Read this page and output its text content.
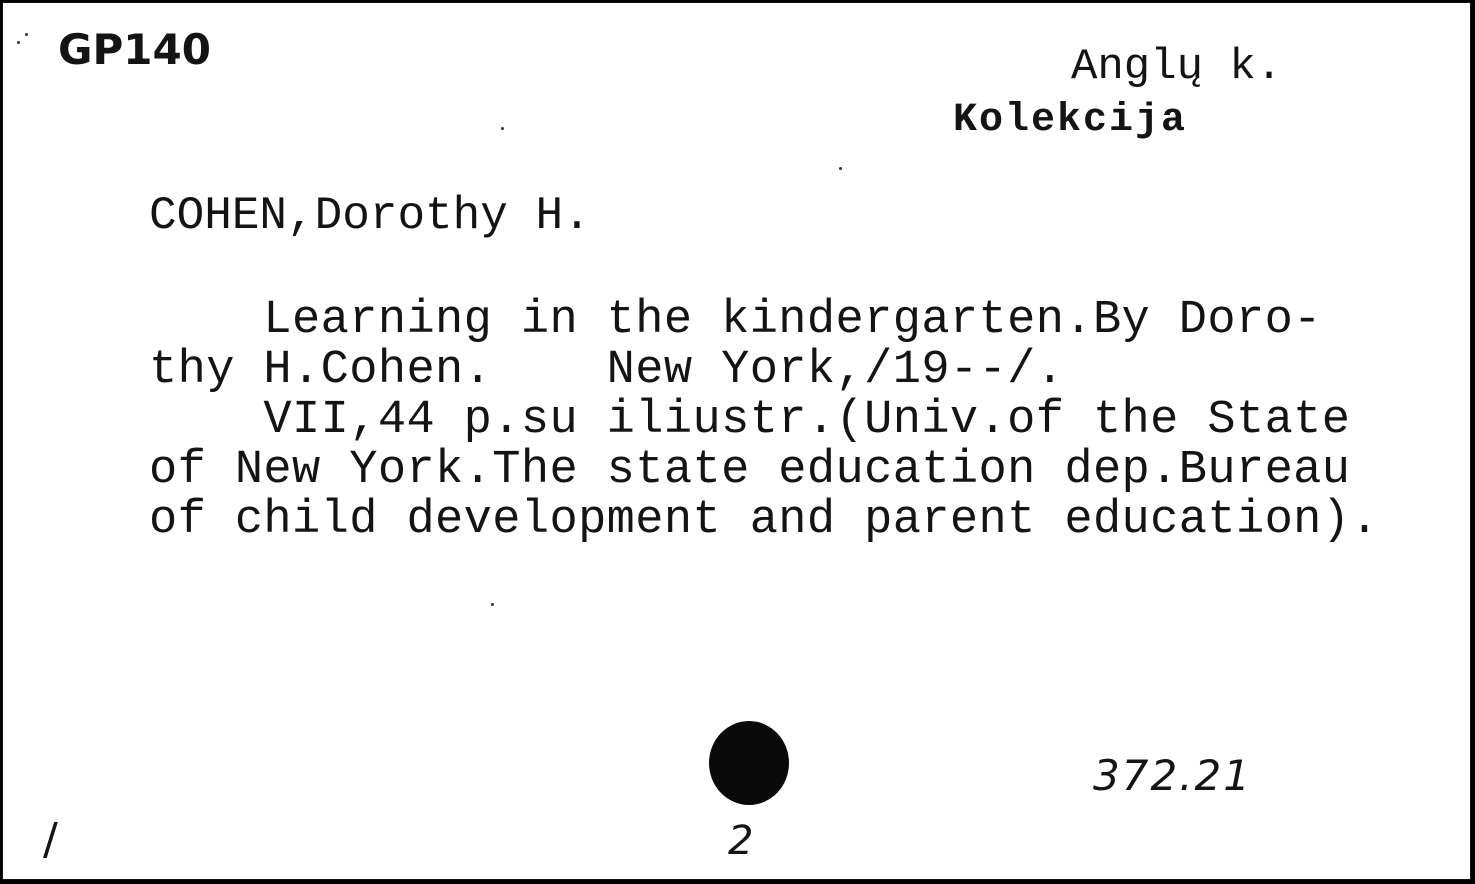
GP140	Anglų k.
Kolekcija
COHEN,Dorothy H.
Learning in the kindergarten.By Doro-
thy H.Cohen.    New York,/19--/.
VII,44 p.su iliustr.(Univ.of the State
of New York.The state education dep.Bureau
of child development and parent education).
372.21
2
/
